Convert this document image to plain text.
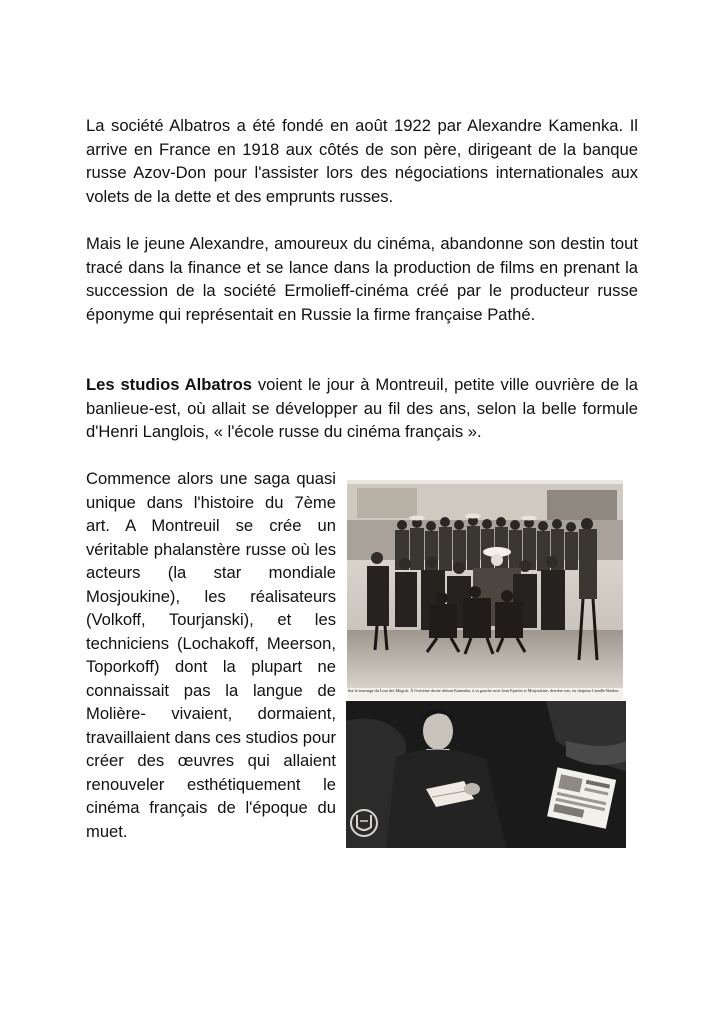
La société Albatros a été fondé en août 1922 par Alexandre Kamenka. Il arrive en France en 1918 aux côtés de son père, dirigeant de la banque russe Azov-Don pour l'assister lors des négociations internationales aux volets de la dette et des emprunts russes.

Mais le jeune Alexandre, amoureux du cinéma, abandonne son destin tout tracé dans la finance et se lance dans la production de films en prenant la succession de la société Ermolieff-cinéma créé par le producteur russe éponyme qui représentait en Russie la firme française Pathé.

Les studios Albatros voient le jour à Montreuil, petite ville ouvrière de la banlieue-est, où allait se développer au fil des ans, selon la belle formule d'Henri Langlois, « l'école russe du cinéma français ».

Commence alors une saga quasi unique dans l'histoire du 7ème art. A Montreuil se crée un véritable phalanstère russe où les acteurs (la star mondiale Mosjoukine), les réalisateurs (Volkoff, Tourjanski), et les techniciens (Lochakoff, Meerson, Toporkoff) dont la plupart ne connaissait pas la langue de Molière- vivaient, dormaient, travaillaient dans ces studios pour créer des œuvres qui allaient renouveler esthétiquement le cinéma français de l'époque du muet.

Sur le tournage du Lion des Mogols. À l'extrême droite debout Kamenka, à sa gauche assis Jean Epstein et Mosjoukine, derrière eux, en chapeau Camille Bardou
